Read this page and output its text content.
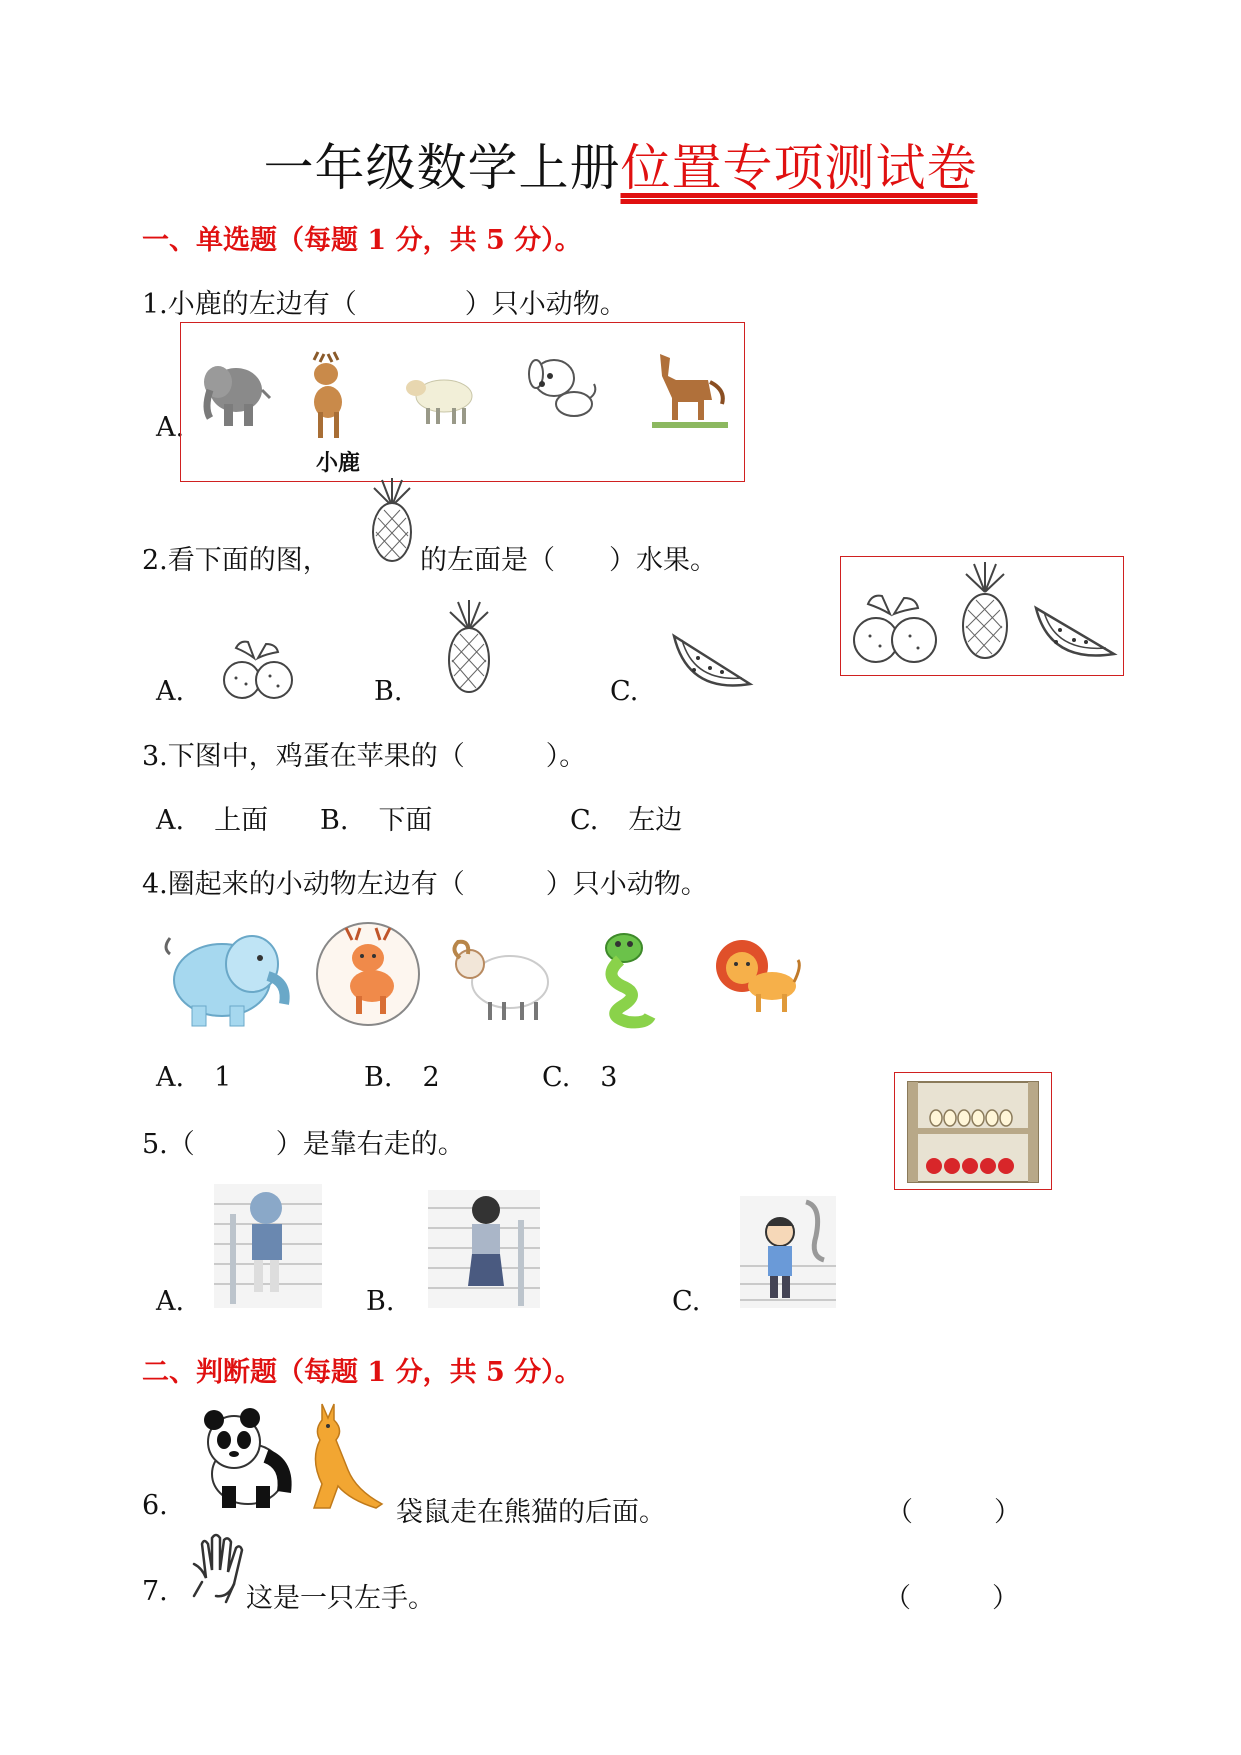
一年级数学上册位置专项测试卷
一、单选题（每题 1 分，共 5 分）。
1.小鹿的左边有（　　　　）只小动物。
A.
小鹿
2.看下面的图，	的左面是（　　）水果。
A.	B.	C.
3.下图中，鸡蛋在苹果的（　　　）。
A. 上面 B. 下面	C. 左边
4.圈起来的小动物左边有（　　　）只小动物。
A. 1	B. 2	C. 3
5.（　　　）是靠右走的。
A.	B.	C.
二、判断题（每题 1 分，共 5 分）。
6.	袋鼠走在熊猫的后面。	（　　　）
7.	这是一只左手。	（　　　）
